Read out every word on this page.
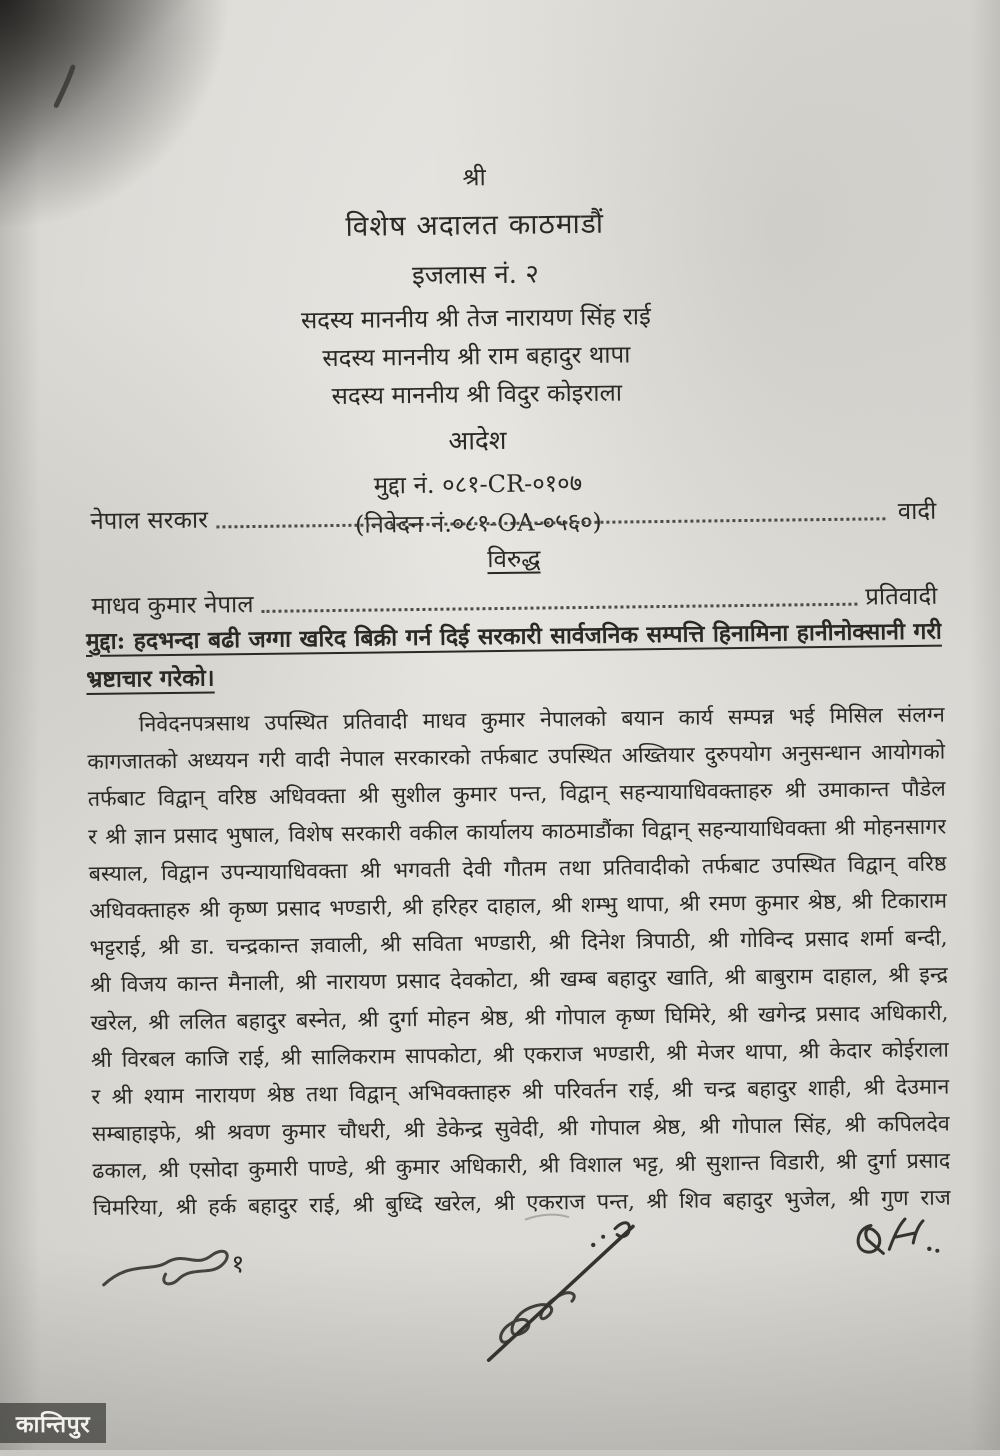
श्री
विशेष अदालत काठमाडौं
इजलास नं. २
सदस्य माननीय श्री तेज नारायण सिंह राई
सदस्य माननीय श्री राम बहादुर थापा
सदस्य माननीय श्री विदुर कोइराला
आदेश
मुद्दा नं. ०८१-CR-०१०७
(निवेदन नं.०८१-OA-०५६०)
नेपाल सरकार	वादी
विरुद्ध
माधव कुमार नेपाल	प्रतिवादी
मुद्दा: हदभन्दा बढी जग्गा खरिद बिक्री गर्न दिई सरकारी सार्वजनिक सम्पत्ति हिनामिना हानीनोक्सानी गरी
भ्रष्टाचार गरेको।
निवेदनपत्रसाथ उपस्थित प्रतिवादी माधव कुमार नेपालको बयान कार्य सम्पन्न भई मिसिल संलग्न
कागजातको अध्ययन गरी वादी नेपाल सरकारको तर्फबाट उपस्थित अख्तियार दुरुपयोग अनुसन्धान आयोगको
तर्फबाट विद्वान् वरिष्ठ अधिवक्ता श्री सुशील कुमार पन्त, विद्वान् सहन्यायाधिवक्ताहरु श्री उमाकान्त पौडेल
र श्री ज्ञान प्रसाद भुषाल, विशेष सरकारी वकील कार्यालय काठमाडौंका विद्वान् सहन्यायाधिवक्ता श्री मोहनसागर
बस्याल, विद्वान उपन्यायाधिवक्ता श्री भगवती देवी गौतम तथा प्रतिवादीको तर्फबाट उपस्थित विद्वान् वरिष्ठ
अधिवक्ताहरु श्री कृष्ण प्रसाद भण्डारी, श्री हरिहर दाहाल, श्री शम्भु थापा, श्री रमण कुमार श्रेष्ठ, श्री टिकाराम
भट्टराई, श्री डा. चन्द्रकान्त ज्ञवाली, श्री सविता भण्डारी, श्री दिनेश त्रिपाठी, श्री गोविन्द प्रसाद शर्मा बन्दी,
श्री विजय कान्त मैनाली, श्री नारायण प्रसाद देवकोटा, श्री खम्ब बहादुर खाति, श्री बाबुराम दाहाल, श्री इन्द्र
खरेल, श्री ललित बहादुर बस्नेत, श्री दुर्गा मोहन श्रेष्ठ, श्री गोपाल कृष्ण घिमिरे, श्री खगेन्द्र प्रसाद अधिकारी,
श्री विरबल काजि राई, श्री सालिकराम सापकोटा, श्री एकराज भण्डारी, श्री मेजर थापा, श्री केदार कोईराला
र श्री श्याम नारायण श्रेष्ठ तथा विद्वान् अभिवक्ताहरु श्री परिवर्तन राई, श्री चन्द्र बहादुर शाही, श्री देउमान
सम्बाहाइफे, श्री श्रवण कुमार चौधरी, श्री डेकेन्द्र सुवेदी, श्री गोपाल श्रेष्ठ, श्री गोपाल सिंह, श्री कपिलदेव
ढकाल, श्री एसोदा कुमारी पाण्डे, श्री कुमार अधिकारी, श्री विशाल भट्ट, श्री सुशान्त विडारी, श्री दुर्गा प्रसाद
चिमरिया, श्री हर्क बहादुर राई, श्री बुध्दि खरेल, श्री एकराज पन्त, श्री शिव बहादुर भुजेल, श्री गुण राज
१
कान्तिपुर
